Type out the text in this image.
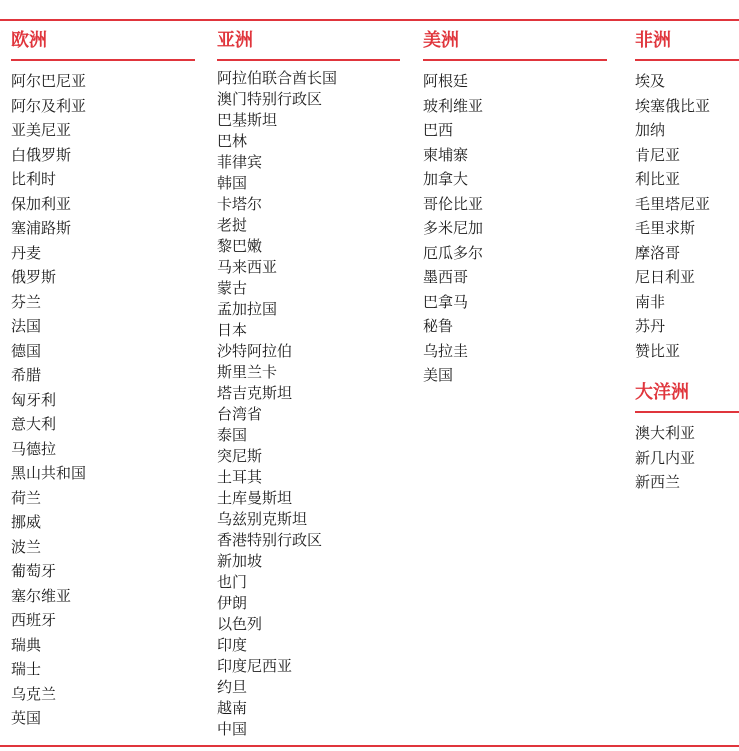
欧洲
阿尔巴尼亚
阿尔及利亚
亚美尼亚
白俄罗斯
比利时
保加利亚
塞浦路斯
丹麦
俄罗斯
芬兰
法国
德国
希腊
匈牙利
意大利
马德拉
黑山共和国
荷兰
挪威
波兰
葡萄牙
塞尔维亚
西班牙
瑞典
瑞士
乌克兰
英国
亚洲
阿拉伯联合酋长国
澳门特别行政区
巴基斯坦
巴林
菲律宾
韩国
卡塔尔
老挝
黎巴嫩
马来西亚
蒙古
孟加拉国
日本
沙特阿拉伯
斯里兰卡
塔吉克斯坦
台湾省
泰国
突尼斯
土耳其
土库曼斯坦
乌兹别克斯坦
香港特别行政区
新加坡
也门
伊朗
以色列
印度
印度尼西亚
约旦
越南
中国
美洲
阿根廷
玻利维亚
巴西
柬埔寨
加拿大
哥伦比亚
多米尼加
厄瓜多尔
墨西哥
巴拿马
秘鲁
乌拉圭
美国
非洲
埃及
埃塞俄比亚
加纳
肯尼亚
利比亚
毛里塔尼亚
毛里求斯
摩洛哥
尼日利亚
南非
苏丹
赞比亚
大洋洲
澳大利亚
新几内亚
新西兰
